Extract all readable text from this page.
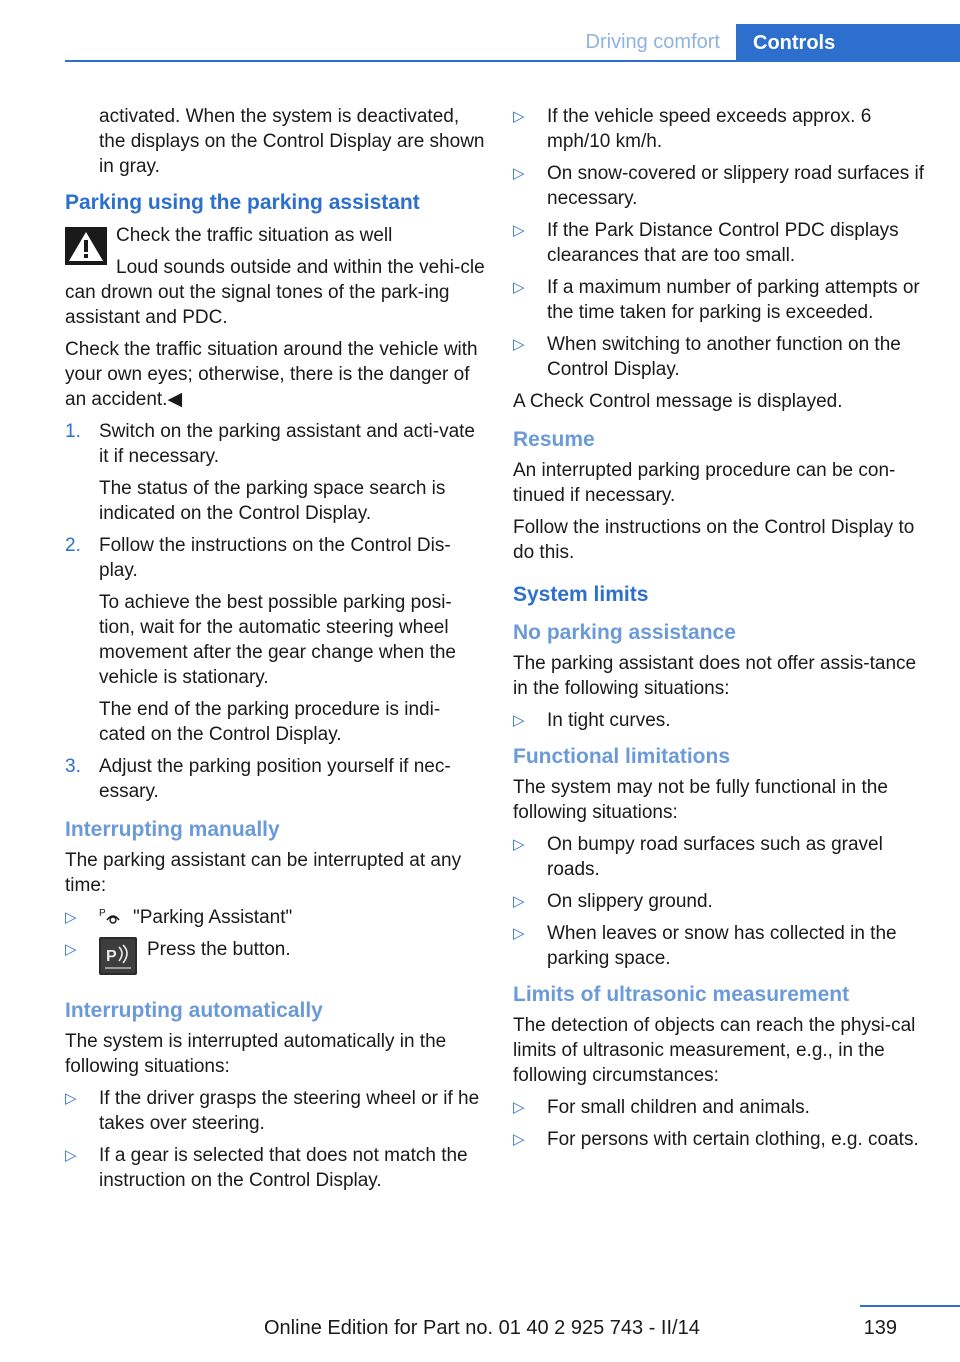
Driving comfort	Controls

activated. When the system is deactivated, the displays on the Control Display are shown in gray.

Parking using the parking assistant

Check the traffic situation as well

Loud sounds outside and within the vehi‐cle can drown out the signal tones of the park‐ing assistant and PDC.

Check the traffic situation around the vehicle with your own eyes; otherwise, there is the danger of an accident.◀

1. Switch on the parking assistant and acti‐vate it if necessary.
The status of the parking space search is indicated on the Control Display.
2. Follow the instructions on the Control Dis‐play.
To achieve the best possible parking posi‐tion, wait for the automatic steering wheel movement after the gear change when the vehicle is stationary.
The end of the parking procedure is indi‐cated on the Control Display.
3. Adjust the parking position yourself if nec‐essary.
Interrupting manually

The parking assistant can be interrupted at any time:

▷ P "Parking Assistant"
▷ P Press the button.
Interrupting automatically

The system is interrupted automatically in the following situations:

▷ If the driver grasps the steering wheel or if he takes over steering.
▷ If a gear is selected that does not match the instruction on the Control Display.
▷ If the vehicle speed exceeds approx. 6 mph/10 km/h.
▷ On snow-covered or slippery road surfaces if necessary.
▷ If the Park Distance Control PDC displays clearances that are too small.
▷ If a maximum number of parking attempts or the time taken for parking is exceeded.
▷ When switching to another function on the Control Display.

A Check Control message is displayed.

Resume

An interrupted parking procedure can be con‐tinued if necessary.

Follow the instructions on the Control Display to do this.

System limits
No parking assistance

The parking assistant does not offer assis‐tance in the following situations:

▷ In tight curves.
Functional limitations

The system may not be fully functional in the following situations:

▷ On bumpy road surfaces such as gravel roads.
▷ On slippery ground.
▷ When leaves or snow has collected in the parking space.
Limits of ultrasonic measurement

The detection of objects can reach the physi‐cal limits of ultrasonic measurement, e.g., in the following circumstances:

▷ For small children and animals.
▷ For persons with certain clothing, e.g. coats.
139
Online Edition for Part no. 01 40 2 925 743 - II/14
